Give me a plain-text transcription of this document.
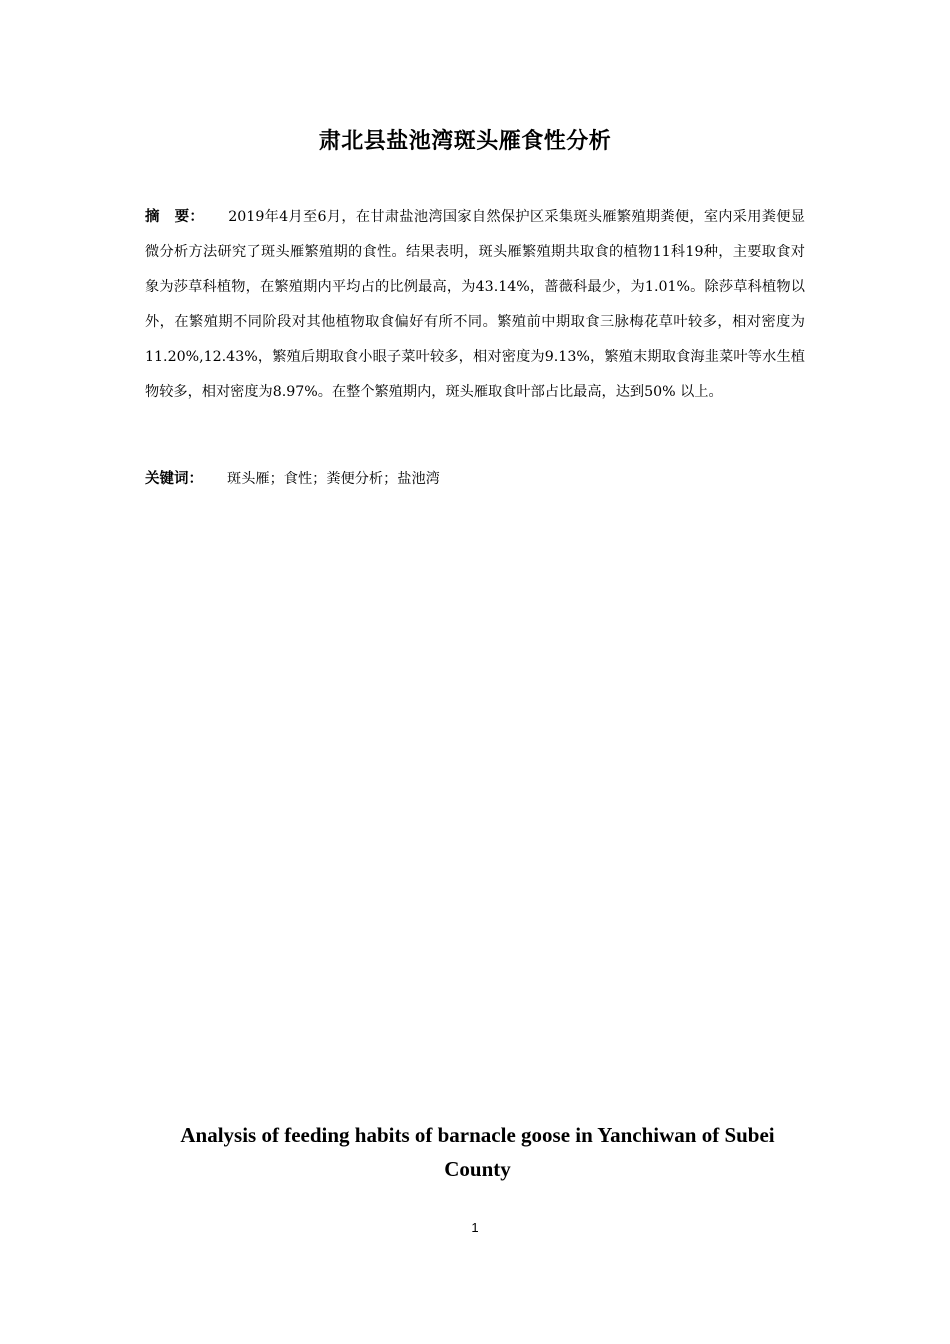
肃北县盐池湾斑头雁食性分析
摘　要： 2019年4月至6月，在甘肃盐池湾国家自然保护区采集斑头雁繁殖期粪便，室内采用粪便显微分析方法研究了斑头雁繁殖期的食性。结果表明，斑头雁繁殖期共取食的植物11科19种，主要取食对象为莎草科植物，在繁殖期内平均占的比例最高，为43.14%，蔷薇科最少，为1.01%。除莎草科植物以外，在繁殖期不同阶段对其他植物取食偏好有所不同。繁殖前中期取食三脉梅花草叶较多，相对密度为11.20%,12.43%，繁殖后期取食小眼子菜叶较多，相对密度为9.13%，繁殖末期取食海韭菜叶等水生植物较多，相对密度为8.97%。在整个繁殖期内，斑头雁取食叶部占比最高，达到50% 以上。
关键词： 斑头雁；食性；粪便分析；盐池湾
Analysis of feeding habits of barnacle goose in Yanchiwan of Subei County
1
